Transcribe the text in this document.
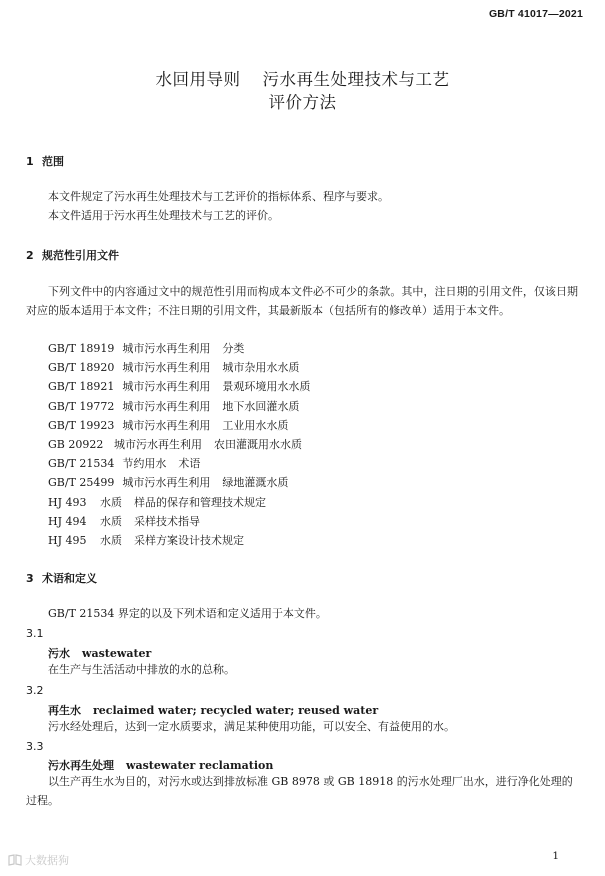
GB/T 41017—2021
水回用导则 污水再生处理技术与工艺
评价方法
1 范围
本文件规定了污水再生处理技术与工艺评价的指标体系、程序与要求。
本文件适用于污水再生处理技术与工艺的评价。
2 规范性引用文件
下列文件中的内容通过文中的规范性引用而构成本文件必不可少的条款。其中，注日期的引用文件，仅该日期对应的版本适用于本文件；不注日期的引用文件，其最新版本（包括所有的修改单）适用于本文件。
GB/T 18919 城市污水再生利用 分类
GB/T 18920 城市污水再生利用 城市杂用水水质
GB/T 18921 城市污水再生利用 景观环境用水水质
GB/T 19772 城市污水再生利用 地下水回灌水质
GB/T 19923 城市污水再生利用 工业用水水质
GB 20922 城市污水再生利用 农田灌溉用水水质
GB/T 21534 节约用水 术语
GB/T 25499 城市污水再生利用 绿地灌溉水质
HJ 493 水质 样品的保存和管理技术规定
HJ 494 水质 采样技术指导
HJ 495 水质 采样方案设计技术规定
3 术语和定义
GB/T 21534 界定的以及下列术语和定义适用于本文件。
3.1
污水 wastewater
在生产与生活活动中排放的水的总称。
3.2
再生水 reclaimed water; recycled water; reused water
污水经处理后，达到一定水质要求，满足某种使用功能，可以安全、有益使用的水。
3.3
污水再生处理 wastewater reclamation
以生产再生水为目的，对污水或达到排放标准 GB 8978 或 GB 18918 的污水处理厂出水，进行净化处理的过程。
大数据狗	1
